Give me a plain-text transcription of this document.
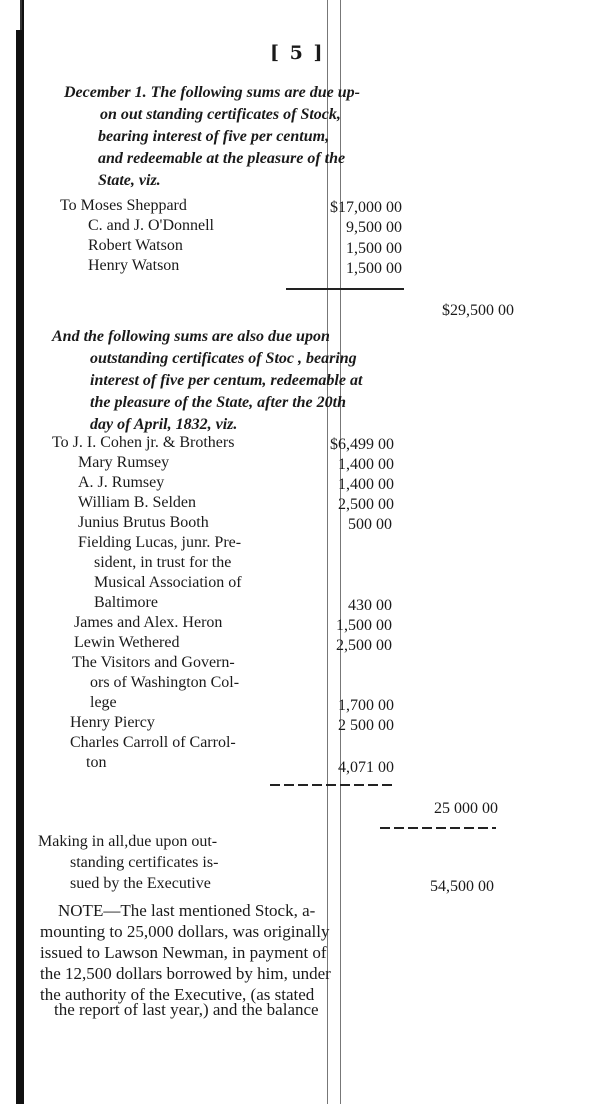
[ 5 ]
December 1. The following sums are due up-
on out standing certificates of Stock,
bearing interest of five per centum,
and redeemable at the pleasure of the
State, viz.
To Moses Sheppard	$17,000 00
C. and J. O'Donnell	9,500 00
Robert Watson	1,500 00
Henry Watson	1,500 00
$29,500 00
And the following sums are also due upon
outstanding certificates of Stoc , bearing
interest of five per centum, redeemable at
the pleasure of the State, after the 20th
day of April, 1832, viz.
To J. I. Cohen jr. & Brothers	$6,499 00
Mary Rumsey	1,400 00
A. J. Rumsey	1,400 00
William B. Selden	2,500 00
Junius Brutus Booth	500 00
Fielding Lucas, junr. Pre-
sident, in trust for the
Musical Association of
Baltimore	430 00
James and Alex. Heron	1,500 00
Lewin Wethered	2,500 00
The Visitors and Govern-
ors of Washington Col-
lege	1,700 00
Henry Piercy	2 500 00
Charles Carroll of Carrol-
ton	4,071 00
25 000 00
Making in all,due upon out-
standing certificates is-
sued by the Executive	54,500 00
NOTE—The last mentioned Stock, a-
mounting to 25,000 dollars, was originally
issued to Lawson Newman, in payment of
the 12,500 dollars borrowed by him, under
the authority of the Executive, (as stated
the report of last year,) and the balance
